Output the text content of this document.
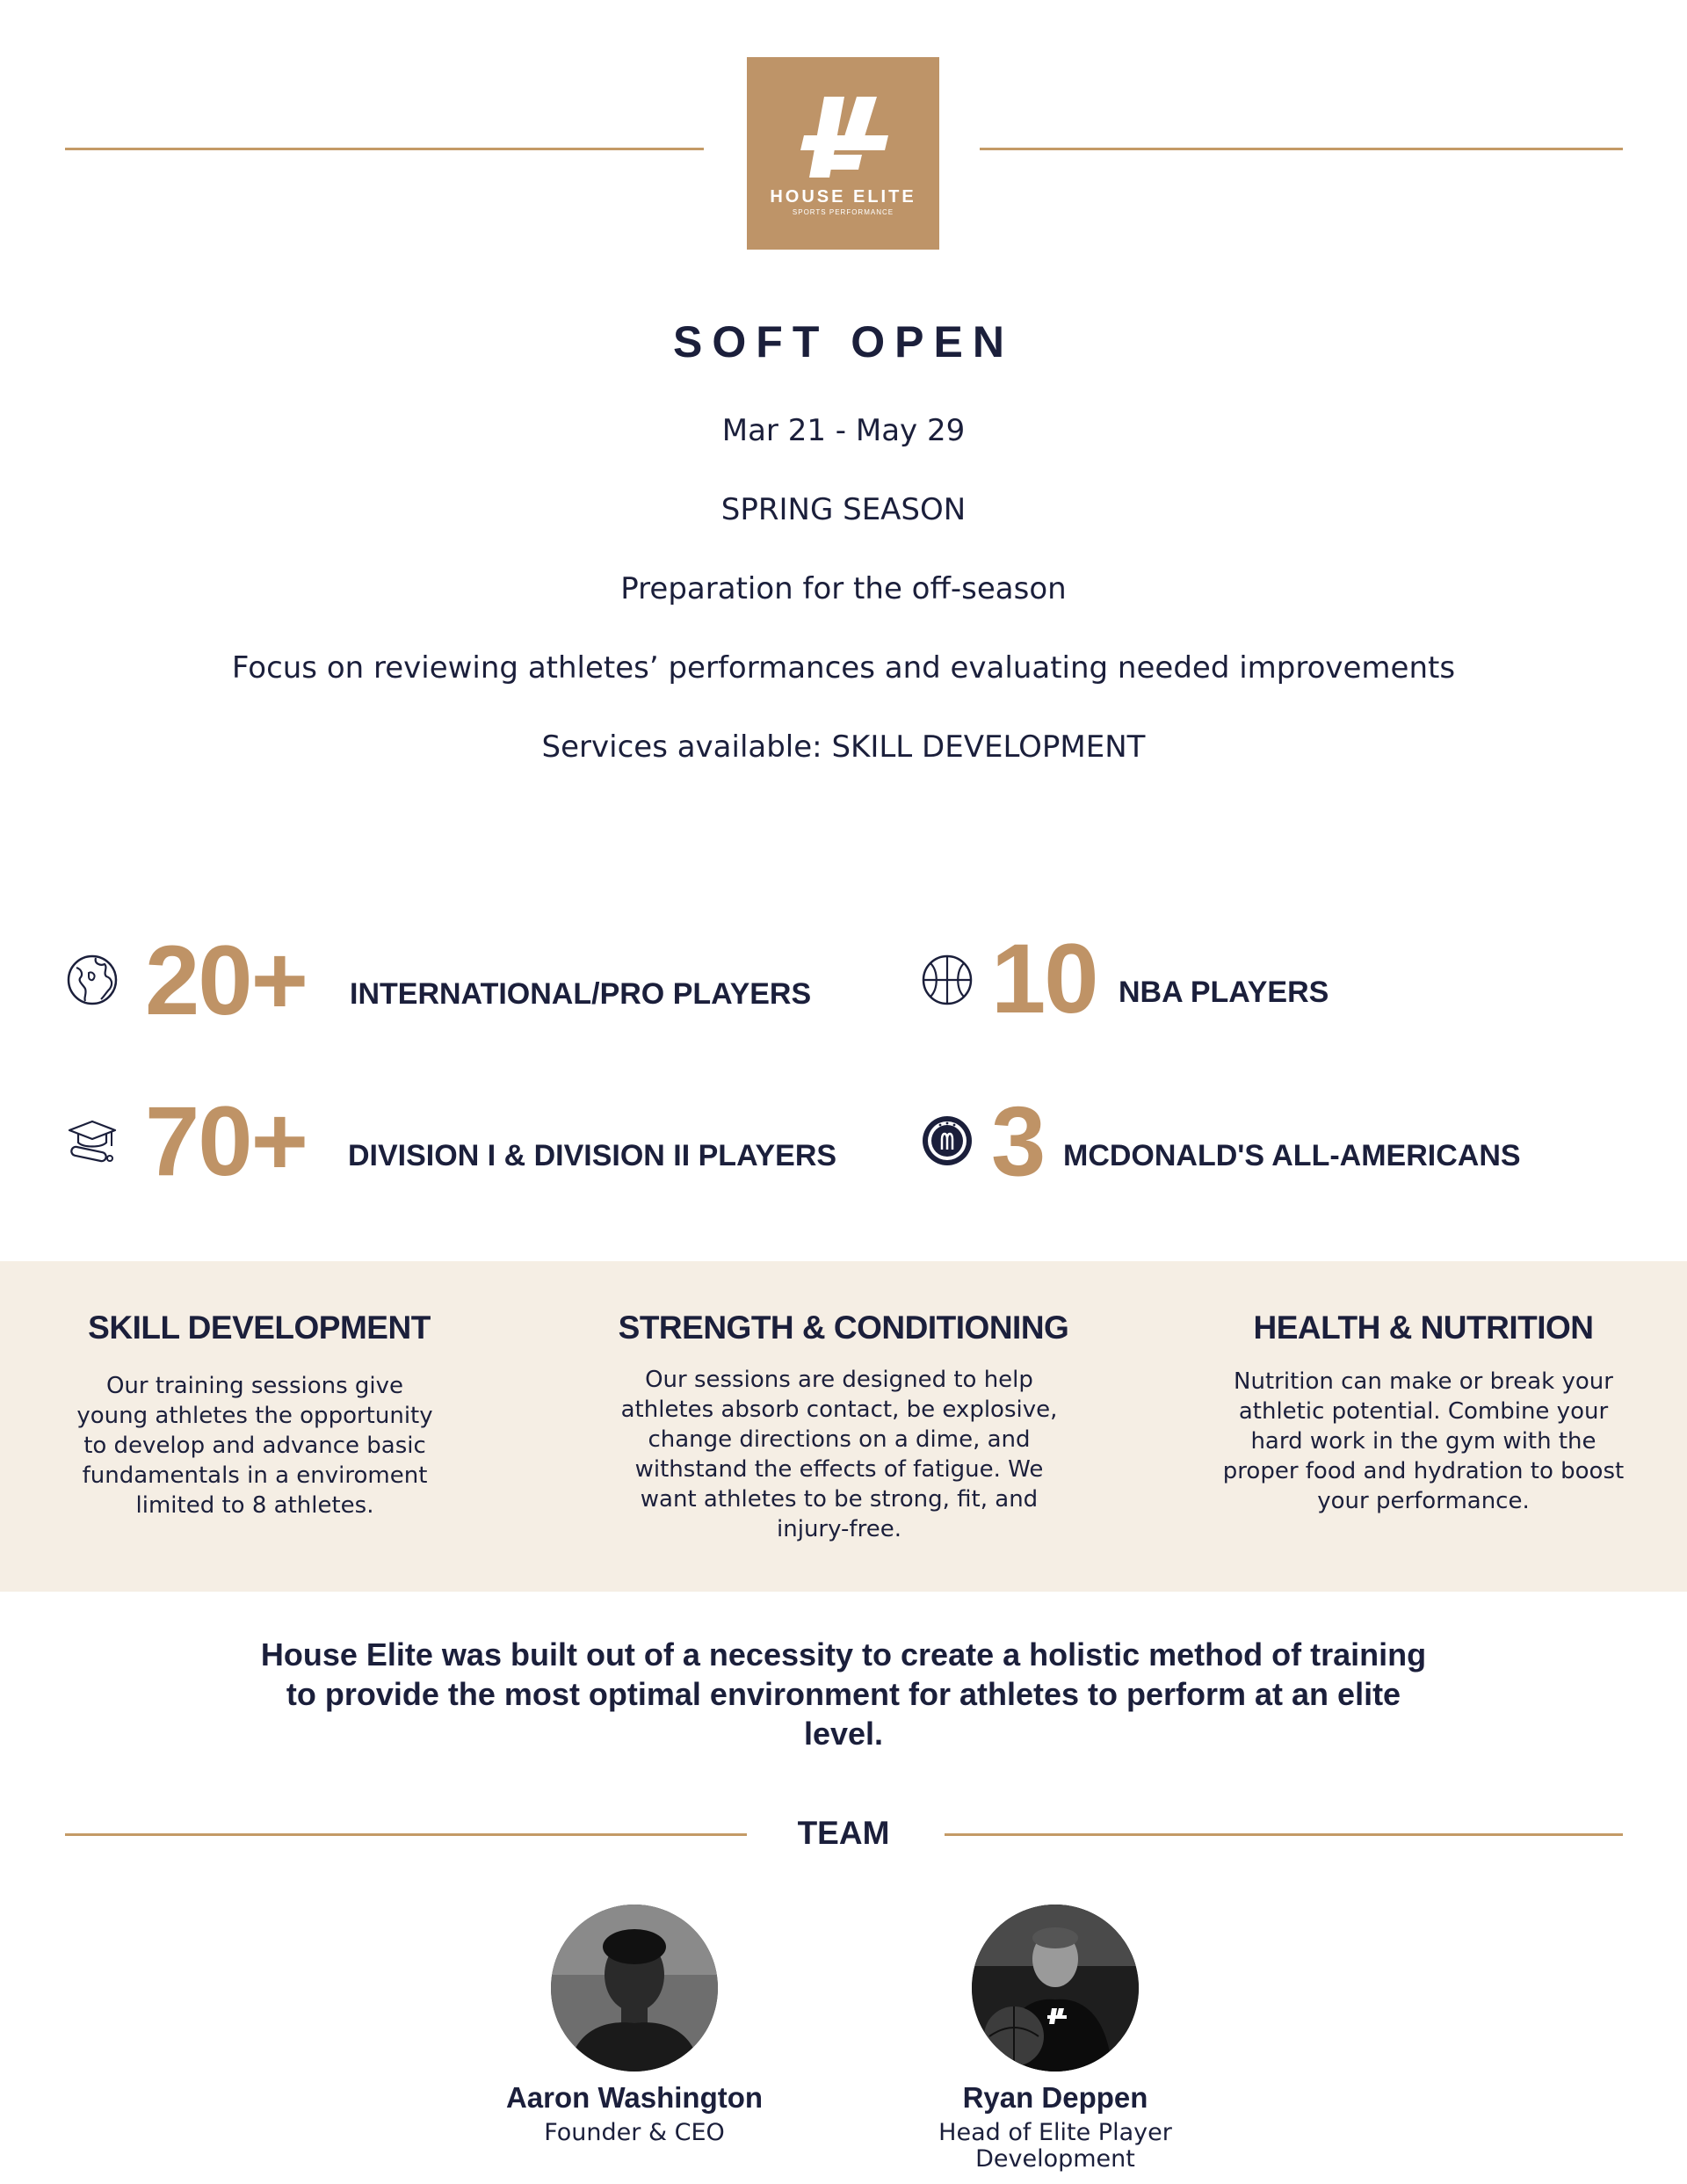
HOUSE ELITE
SPORTS PERFORMANCE
SOFT OPEN
Mar 21 - May 29
SPRING SEASON
Preparation for the off-season
Focus on reviewing athletes’ performances and evaluating needed improvements
Services available: SKILL DEVELOPMENT
20+ INTERNATIONAL/PRO PLAYERS 10 NBA PLAYERS
70+ DIVISION I & DIVISION II PLAYERS 3 MCDONALD'S ALL-AMERICANS
SKILL DEVELOPMENT
Our training sessions give young athletes the opportunity to develop and advance basic fundamentals in a enviroment limited to 8 athletes.
STRENGTH & CONDITIONING
Our sessions are designed to help athletes absorb contact, be explosive, change directions on a dime, and withstand the effects of fatigue. We want athletes to be strong, fit, and injury-free.
HEALTH & NUTRITION
Nutrition can make or break your athletic potential. Combine your hard work in the gym with the proper food and hydration to boost your performance.
House Elite was built out of a necessity to create a holistic method of training to provide the most optimal environment for athletes to perform at an elite level.
TEAM
Aaron Washington
Founder & CEO
Ryan Deppen
Head of Elite Player Development
